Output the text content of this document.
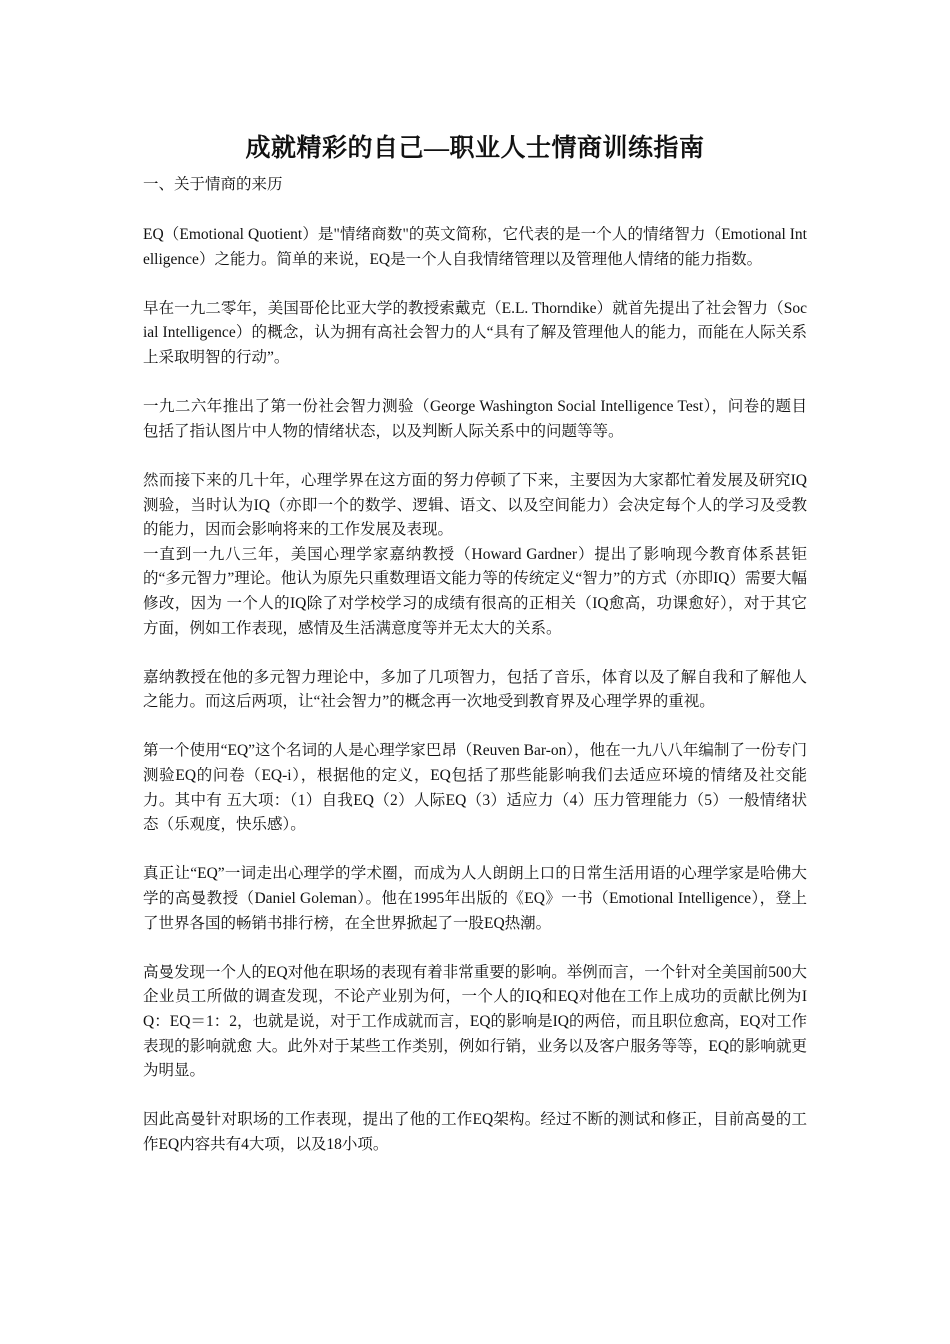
成就精彩的自己—职业人士情商训练指南

一、关于情商的来历

EQ（Emotional Quotient）是"情绪商数"的英文简称，它代表的是一个人的情绪智力（Emotional Intelligence）之能力。简单的来说，EQ是一个人自我情绪管理以及管理他人情绪的能力指数。

早在一九二零年，美国哥伦比亚大学的教授索戴克（E.L. Thorndike）就首先提出了社会智力（Social Intelligence）的概念，认为拥有高社会智力的人“具有了解及管理他人的能力，而能在人际关系上采取明智的行动”。

一九二六年推出了第一份社会智力测验（George Washington Social Intelligence Test），问卷的题目包括了指认图片中人物的情绪状态，以及判断人际关系中的问题等等。

然而接下来的几十年，心理学界在这方面的努力停顿了下来，主要因为大家都忙着发展及研究IQ测验，当时认为IQ（亦即一个的数学、逻辑、语文、以及空间能力）会决定每个人的学习及受教的能力，因而会影响将来的工作发展及表现。

一直到一九八三年，美国心理学家嘉纳教授（Howard Gardner）提出了影响现今教育体系甚钜的“多元智力”理论。他认为原先只重数理语文能力等的传统定义“智力”的方式（亦即IQ）需要大幅修改，因为 一个人的IQ除了对学校学习的成绩有很高的正相关（IQ愈高，功课愈好），对于其它方面，例如工作表现，感情及生活满意度等并无太大的关系。

嘉纳教授在他的多元智力理论中，多加了几项智力，包括了音乐，体育以及了解自我和了解他人之能力。而这后两项，让“社会智力”的概念再一次地受到教育界及心理学界的重视。

第一个使用“EQ”这个名词的人是心理学家巴昂（Reuven Bar-on），他在一九八八年编制了一份专门测验EQ的问卷（EQ-i），根据他的定义，EQ包括了那些能影响我们去适应环境的情绪及社交能力。其中有 五大项：（1）自我EQ（2）人际EQ（3）适应力（4）压力管理能力（5）一般情绪状态（乐观度，快乐感）。

真正让“EQ”一词走出心理学的学术圈，而成为人人朗朗上口的日常生活用语的心理学家是哈佛大学的高曼教授（Daniel Goleman）。他在1995年出版的《EQ》一书（Emotional Intelligence），登上了世界各国的畅销书排行榜，在全世界掀起了一股EQ热潮。

高曼发现一个人的EQ对他在职场的表现有着非常重要的影响。举例而言，一个针对全美国前500大企业员工所做的调查发现，不论产业别为何，一个人的IQ和EQ对他在工作上成功的贡献比例为IQ：EQ＝1：2，也就是说，对于工作成就而言，EQ的影响是IQ的两倍，而且职位愈高，EQ对工作表现的影响就愈 大。此外对于某些工作类别，例如行销，业务以及客户服务等等，EQ的影响就更为明显。

因此高曼针对职场的工作表现，提出了他的工作EQ架构。经过不断的测试和修正，目前高曼的工作EQ内容共有4大项，以及18小项。
